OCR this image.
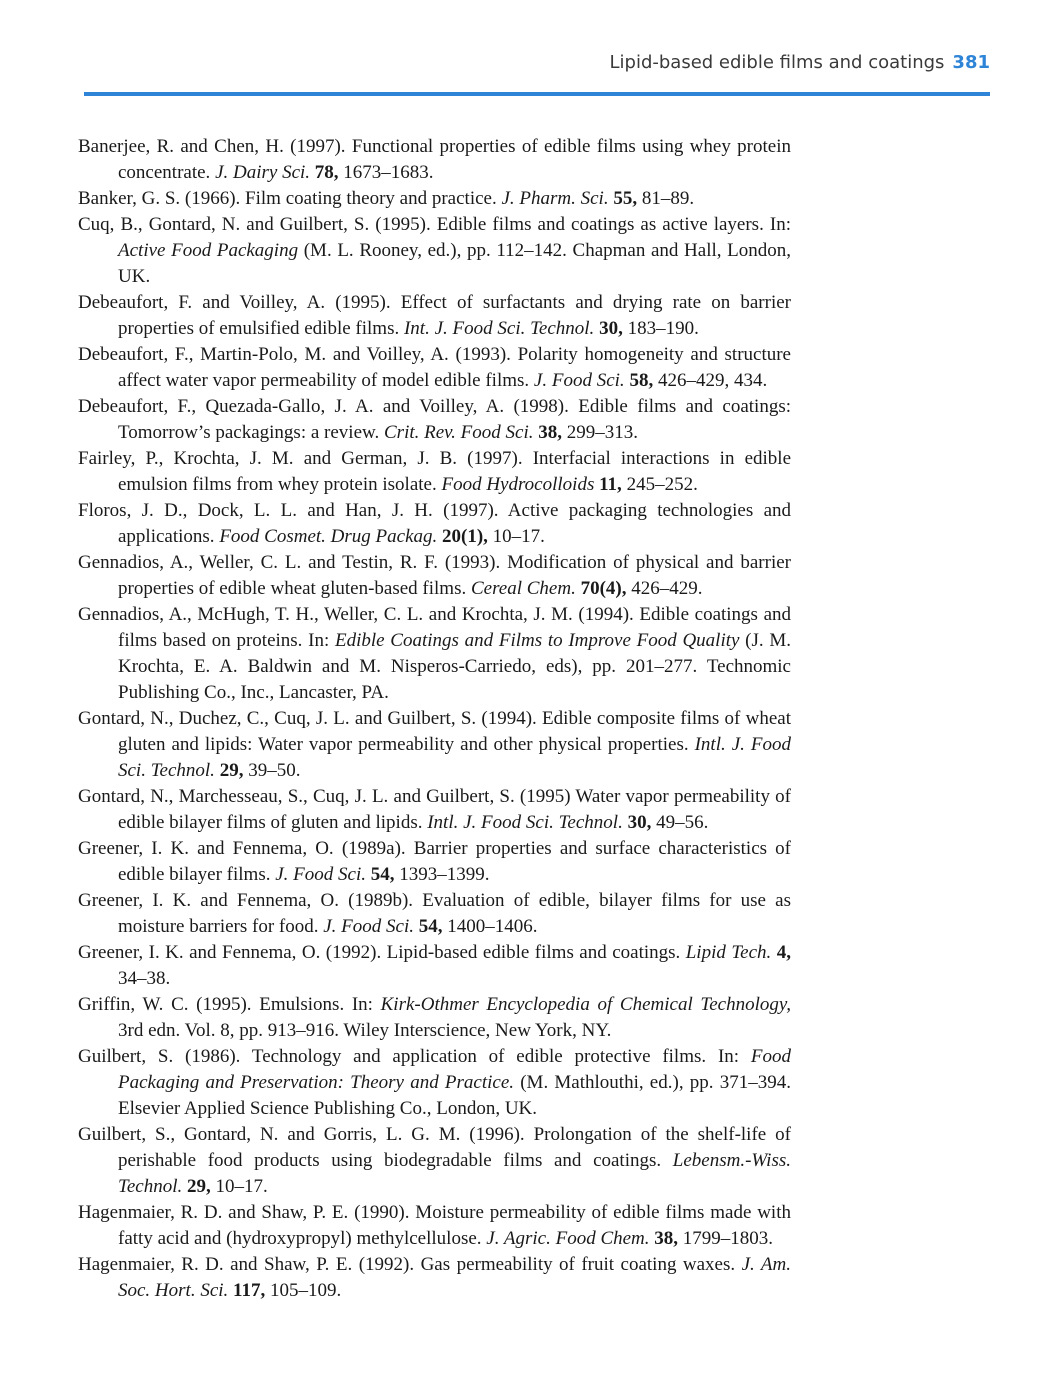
Lipid-based edible films and coatings 381
Banerjee, R. and Chen, H. (1997). Functional properties of edible films using whey protein concentrate. J. Dairy Sci. 78, 1673–1683.
Banker, G. S. (1966). Film coating theory and practice. J. Pharm. Sci. 55, 81–89.
Cuq, B., Gontard, N. and Guilbert, S. (1995). Edible films and coatings as active layers. In: Active Food Packaging (M. L. Rooney, ed.), pp. 112–142. Chapman and Hall, London, UK.
Debeaufort, F. and Voilley, A. (1995). Effect of surfactants and drying rate on barrier properties of emulsified edible films. Int. J. Food Sci. Technol. 30, 183–190.
Debeaufort, F., Martin-Polo, M. and Voilley, A. (1993). Polarity homogeneity and structure affect water vapor permeability of model edible films. J. Food Sci. 58, 426–429, 434.
Debeaufort, F., Quezada-Gallo, J. A. and Voilley, A. (1998). Edible films and coatings: Tomorrow’s packagings: a review. Crit. Rev. Food Sci. 38, 299–313.
Fairley, P., Krochta, J. M. and German, J. B. (1997). Interfacial interactions in edible emulsion films from whey protein isolate. Food Hydrocolloids 11, 245–252.
Floros, J. D., Dock, L. L. and Han, J. H. (1997). Active packaging technologies and applications. Food Cosmet. Drug Packag. 20(1), 10–17.
Gennadios, A., Weller, C. L. and Testin, R. F. (1993). Modification of physical and barrier properties of edible wheat gluten-based films. Cereal Chem. 70(4), 426–429.
Gennadios, A., McHugh, T. H., Weller, C. L. and Krochta, J. M. (1994). Edible coatings and films based on proteins. In: Edible Coatings and Films to Improve Food Quality (J. M. Krochta, E. A. Baldwin and M. Nisperos-Carriedo, eds), pp. 201–277. Technomic Publishing Co., Inc., Lancaster, PA.
Gontard, N., Duchez, C., Cuq, J. L. and Guilbert, S. (1994). Edible composite films of wheat gluten and lipids: Water vapor permeability and other physical properties. Intl. J. Food Sci. Technol. 29, 39–50.
Gontard, N., Marchesseau, S., Cuq, J. L. and Guilbert, S. (1995) Water vapor permeability of edible bilayer films of gluten and lipids. Intl. J. Food Sci. Technol. 30, 49–56.
Greener, I. K. and Fennema, O. (1989a). Barrier properties and surface characteristics of edible bilayer films. J. Food Sci. 54, 1393–1399.
Greener, I. K. and Fennema, O. (1989b). Evaluation of edible, bilayer films for use as moisture barriers for food. J. Food Sci. 54, 1400–1406.
Greener, I. K. and Fennema, O. (1992). Lipid-based edible films and coatings. Lipid Tech. 4, 34–38.
Griffin, W. C. (1995). Emulsions. In: Kirk-Othmer Encyclopedia of Chemical Technology, 3rd edn. Vol. 8, pp. 913–916. Wiley Interscience, New York, NY.
Guilbert, S. (1986). Technology and application of edible protective films. In: Food Packaging and Preservation: Theory and Practice. (M. Mathlouthi, ed.), pp. 371–394. Elsevier Applied Science Publishing Co., London, UK.
Guilbert, S., Gontard, N. and Gorris, L. G. M. (1996). Prolongation of the shelf-life of perishable food products using biodegradable films and coatings. Lebensm.-Wiss. Technol. 29, 10–17.
Hagenmaier, R. D. and Shaw, P. E. (1990). Moisture permeability of edible films made with fatty acid and (hydroxypropyl) methylcellulose. J. Agric. Food Chem. 38, 1799–1803.
Hagenmaier, R. D. and Shaw, P. E. (1992). Gas permeability of fruit coating waxes. J. Am. Soc. Hort. Sci. 117, 105–109.
